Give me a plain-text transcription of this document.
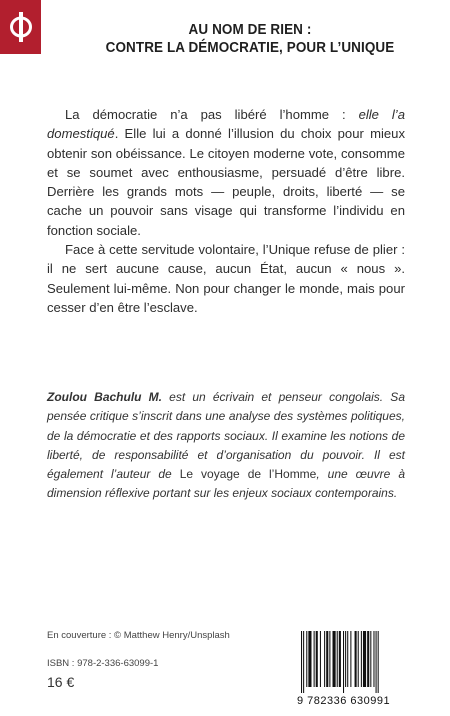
AU NOM DE RIEN :
CONTRE LA DÉMOCRATIE, POUR L’UNIQUE

La démocratie n’a pas libéré l’homme : elle l’a domestiqué. Elle lui a donné l’illusion du choix pour mieux obtenir son obéissance. Le citoyen moderne vote, consomme et se soumet avec enthousiasme, persuadé d’être libre. Derrière les grands mots — peuple, droits, liberté — se cache un pouvoir sans visage qui transforme l’individu en fonction sociale.

Face à cette servitude volontaire, l’Unique refuse de plier : il ne sert aucune cause, aucun État, aucun « nous ». Seulement lui-même. Non pour changer le monde, mais pour cesser d’en être l’esclave.

Zoulou Bachulu M. est un écrivain et penseur congolais. Sa pensée critique s’inscrit dans une analyse des systèmes politiques, de la démocratie et des rapports sociaux. Il examine les notions de liberté, de responsabilité et d’organisation du pouvoir. Il est également l’auteur de Le voyage de l’Homme, une œuvre à dimension réflexive portant sur les enjeux sociaux contemporains.
En couverture : © Matthew Henry/Unsplash
ISBN : 978-2-336-63099-1
16 €
9 782336 630991
